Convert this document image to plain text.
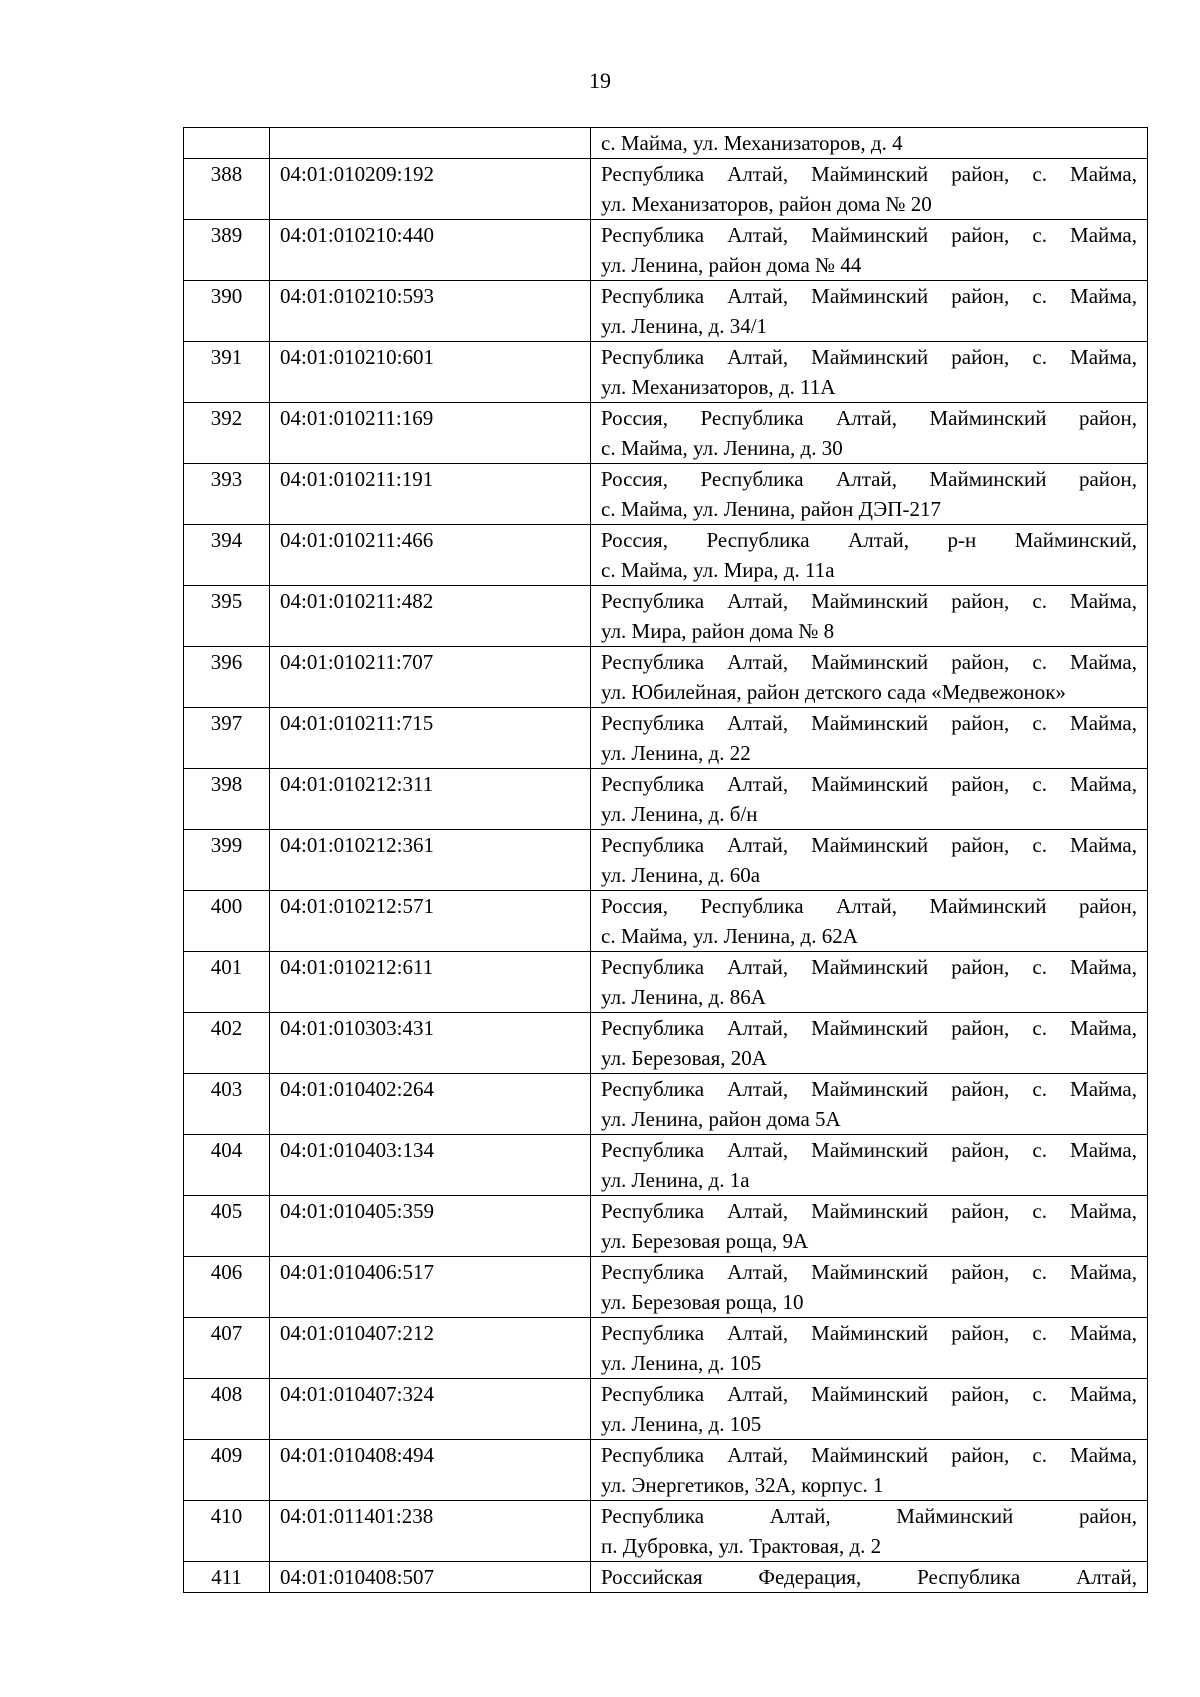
19

		с. Майма, ул. Механизаторов, д. 4

388	04:01:010209:192	Республика Алтай, Майминский район, с. Майма,
ул. Механизаторов, район дома № 20

389	04:01:010210:440	Республика Алтай, Майминский район, с. Майма,
ул. Ленина, район дома № 44

390	04:01:010210:593	Республика Алтай, Майминский район, с. Майма,
ул. Ленина, д. 34/1

391	04:01:010210:601	Республика Алтай, Майминский район, с. Майма,
ул. Механизаторов, д. 11А

392	04:01:010211:169	Россия, Республика Алтай, Майминский район,
с. Майма, ул. Ленина, д. 30

393	04:01:010211:191	Россия, Республика Алтай, Майминский район,
с. Майма, ул. Ленина, район ДЭП-217

394	04:01:010211:466	Россия, Республика Алтай, р-н Майминский,
с. Майма, ул. Мира, д. 11а

395	04:01:010211:482	Республика Алтай, Майминский район, с. Майма,
ул. Мира, район дома № 8

396	04:01:010211:707	Республика Алтай, Майминский район, с. Майма,
ул. Юбилейная, район детского сада «Медвежонок»

397	04:01:010211:715	Республика Алтай, Майминский район, с. Майма,
ул. Ленина, д. 22

398	04:01:010212:311	Республика Алтай, Майминский район, с. Майма,
ул. Ленина, д. б/н

399	04:01:010212:361	Республика Алтай, Майминский район, с. Майма,
ул. Ленина, д. 60а

400	04:01:010212:571	Россия, Республика Алтай, Майминский район,
с. Майма, ул. Ленина, д. 62А

401	04:01:010212:611	Республика Алтай, Майминский район, с. Майма,
ул. Ленина, д. 86А

402	04:01:010303:431	Республика Алтай, Майминский район, с. Майма,
ул. Березовая, 20А

403	04:01:010402:264	Республика Алтай, Майминский район, с. Майма,
ул. Ленина, район дома 5А

404	04:01:010403:134	Республика Алтай, Майминский район, с. Майма,
ул. Ленина, д. 1а

405	04:01:010405:359	Республика Алтай, Майминский район, с. Майма,
ул. Березовая роща, 9А

406	04:01:010406:517	Республика Алтай, Майминский район, с. Майма,
ул. Березовая роща, 10

407	04:01:010407:212	Республика Алтай, Майминский район, с. Майма,
ул. Ленина, д. 105

408	04:01:010407:324	Республика Алтай, Майминский район, с. Майма,
ул. Ленина, д. 105

409	04:01:010408:494	Республика Алтай, Майминский район, с. Майма,
ул. Энергетиков, 32А, корпус. 1

410	04:01:011401:238	Республика Алтай, Майминский район,
п. Дубровка, ул. Трактовая, д. 2

411	04:01:010408:507	Российская Федерация, Республика Алтай,
